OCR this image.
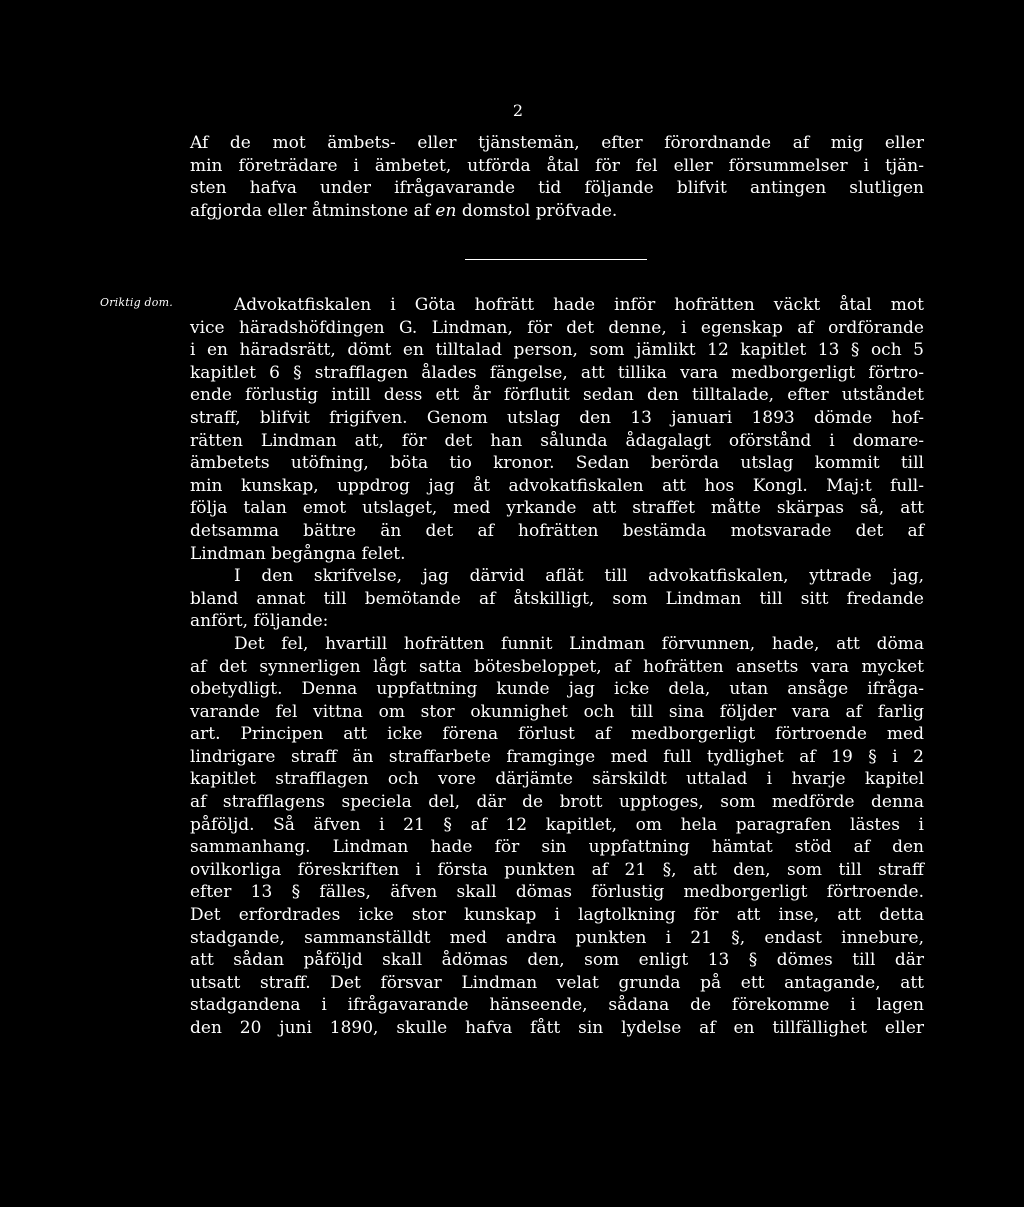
2
Af de mot ämbets- eller tjänstemän, efter förordnande af mig eller
min företrädare i ämbetet, utförda åtal för fel eller försummelser i tjän-
sten hafva under ifrågavarande tid följande blifvit antingen slutligen
afgjorda eller åtminstone af en domstol pröfvade.
Oriktig dom.	Advokatfiskalen i Göta hofrätt hade inför hofrätten väckt åtal mot
vice häradshöfdingen G. Lindman, för det denne, i egenskap af ordförande
i en häradsrätt, dömt en tilltalad person, som jämlikt 12 kapitlet 13 § och 5
kapitlet 6 § strafflagen ålades fängelse, att tillika vara medborgerligt förtro-
ende förlustig intill dess ett år förflutit sedan den tilltalade, efter utståndet
straff, blifvit frigifven. Genom utslag den 13 januari 1893 dömde hof-
rätten Lindman att, för det han sålunda ådagalagt oförstånd i domare-
ämbetets utöfning, böta tio kronor. Sedan berörda utslag kommit till
min kunskap, uppdrog jag åt advokatfiskalen att hos Kongl. Maj:t full-
följa talan emot utslaget, med yrkande att straffet måtte skärpas så, att
detsamma bättre än det af hofrätten bestämda motsvarade det af
Lindman begångna felet.
I den skrifvelse, jag därvid aflät till advokatfiskalen, yttrade jag,
bland annat till bemötande af åtskilligt, som Lindman till sitt fredande
anfört, följande:
Det fel, hvartill hofrätten funnit Lindman förvunnen, hade, att döma
af det synnerligen lågt satta bötesbeloppet, af hofrätten ansetts vara mycket
obetydligt. Denna uppfattning kunde jag icke dela, utan ansåge ifråga-
varande fel vittna om stor okunnighet och till sina följder vara af farlig
art. Principen att icke förena förlust af medborgerligt förtroende med
lindrigare straff än straffarbete framginge med full tydlighet af 19 § i 2
kapitlet strafflagen och vore därjämte särskildt uttalad i hvarje kapitel
af strafflagens speciela del, där de brott upptoges, som medförde denna
påföljd. Så äfven i 21 § af 12 kapitlet, om hela paragrafen lästes i
sammanhang. Lindman hade för sin uppfattning hämtat stöd af den
ovilkorliga föreskriften i första punkten af 21 §, att den, som till straff
efter 13 § fälles, äfven skall dömas förlustig medborgerligt förtroende.
Det erfordrades icke stor kunskap i lagtolkning för att inse, att detta
stadgande, sammanställdt med andra punkten i 21 §, endast innebure,
att sådan påföljd skall ådömas den, som enligt 13 § dömes till där
utsatt straff. Det försvar Lindman velat grunda på ett antagande, att
stadgandena i ifrågavarande hänseende, sådana de förekomme i lagen
den 20 juni 1890, skulle hafva fått sin lydelse af en tillfällighet eller
